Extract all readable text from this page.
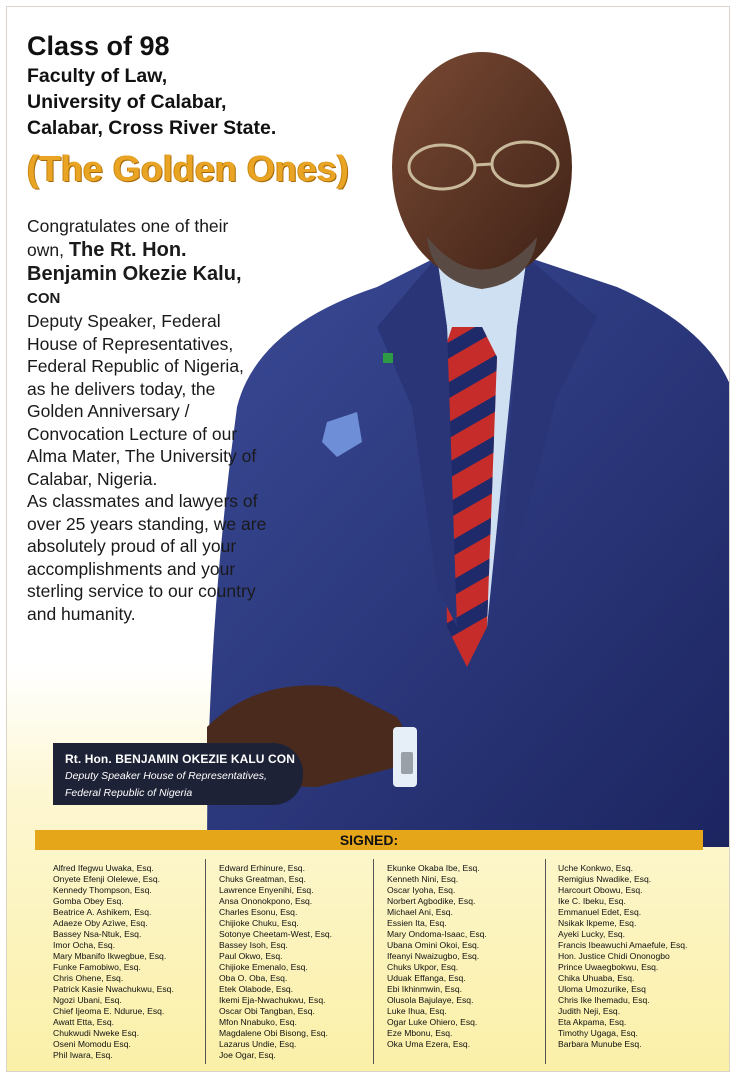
Class of 98
Faculty of Law,
University of Calabar,
Calabar, Cross River State.
(The Golden Ones)
Congratulates one of their own, The Rt. Hon. Benjamin Okezie Kalu, CON
Deputy Speaker, Federal House of Representatives, Federal Republic of Nigeria, as he delivers today, the Golden Anniversary / Convocation Lecture of our Alma Mater, The University of Calabar, Nigeria.
As classmates and lawyers of over 25 years standing, we are absolutely proud of all your accomplishments and your sterling service to our country and humanity.
Rt. Hon. BENJAMIN OKEZIE KALU CON
Deputy Speaker House of Representatives,
Federal Republic of Nigeria
SIGNED:
Alfred Ifegwu Uwaka, Esq.
Onyete Efenji Olelewe, Esq.
Kennedy Thompson, Esq.
Gomba Obey Esq.
Beatrice A. Ashikem, Esq.
Adaeze Oby Azìwe, Esq.
Bassey Nsa-Ntuk, Esq.
Imor Ocha, Esq.
Mary Mbanifo Ikwegbue, Esq.
Funke Famobiwo, Esq.
Chris Ohene, Esq.
Patrick Kasie Nwachukwu, Esq.
Ngozi Ubani, Esq.
Chief Ijeoma E. Ndurue, Esq.
Awatt Etta, Esq.
Chukwudi Nweke Esq.
Oseni Momodu Esq.
Phil Iwara, Esq.
Edward Erhinure, Esq.
Chuks Greatman, Esq.
Lawrence Enyenihi, Esq.
Ansa Ononokpono, Esq.
Charles Esonu, Esq.
Chijioke Chuku, Esq.
Sotonye Cheetam-West, Esq.
Bassey Isoh, Esq.
Paul Okwo, Esq.
Chijioke Emenalo, Esq.
Oba O. Oba, Esq.
Etek Olabode, Esq.
Ikemi Eja-Nwachukwu, Esq.
Oscar Obi Tangban, Esq.
Mfon Nnabuko, Esq.
Magdalene Obi Bisong, Esq.
Lazarus Undie, Esq.
Joe Ogar, Esq.
Ekunke Okaba Ibe, Esq.
Kenneth Nini, Esq.
Oscar Iyoha, Esq.
Norbert Agbodike, Esq.
Michael Ani, Esq.
Essien Ita, Esq.
Mary Ondoma-Isaac, Esq.
Ubana Omini Okoi, Esq.
Ifeanyi Nwaizugbo, Esq.
Chuks Ukpor, Esq.
Uduak Effanga, Esq.
Ebi Ikhinmwin, Esq.
Olusola Bajulaye, Esq.
Luke Ihua, Esq.
Ogar Luke Ohiero, Esq.
Eze Mbonu, Esq.
Oka Uma Ezera, Esq.
Uche Konkwo, Esq.
Remigius Nwadike, Esq.
Harcourt Obowu, Esq.
Ike C. Ibeku, Esq.
Emmanuel Edet, Esq.
Nsikak Ikpeme, Esq.
Ayeki Lucky, Esq.
Francis Ibeawuchi Amaefule, Esq.
Hon. Justice Chidi Ononogbo
Prince Uwaegbokwu, Esq.
Chika Uhuaba, Esq.
Uloma Umozurike, Esq
Chris Ike Ihemadu, Esq.
Judith Neji, Esq.
Eta Akpama, Esq.
Timothy Ugaga, Esq.
Barbara Munube Esq.
